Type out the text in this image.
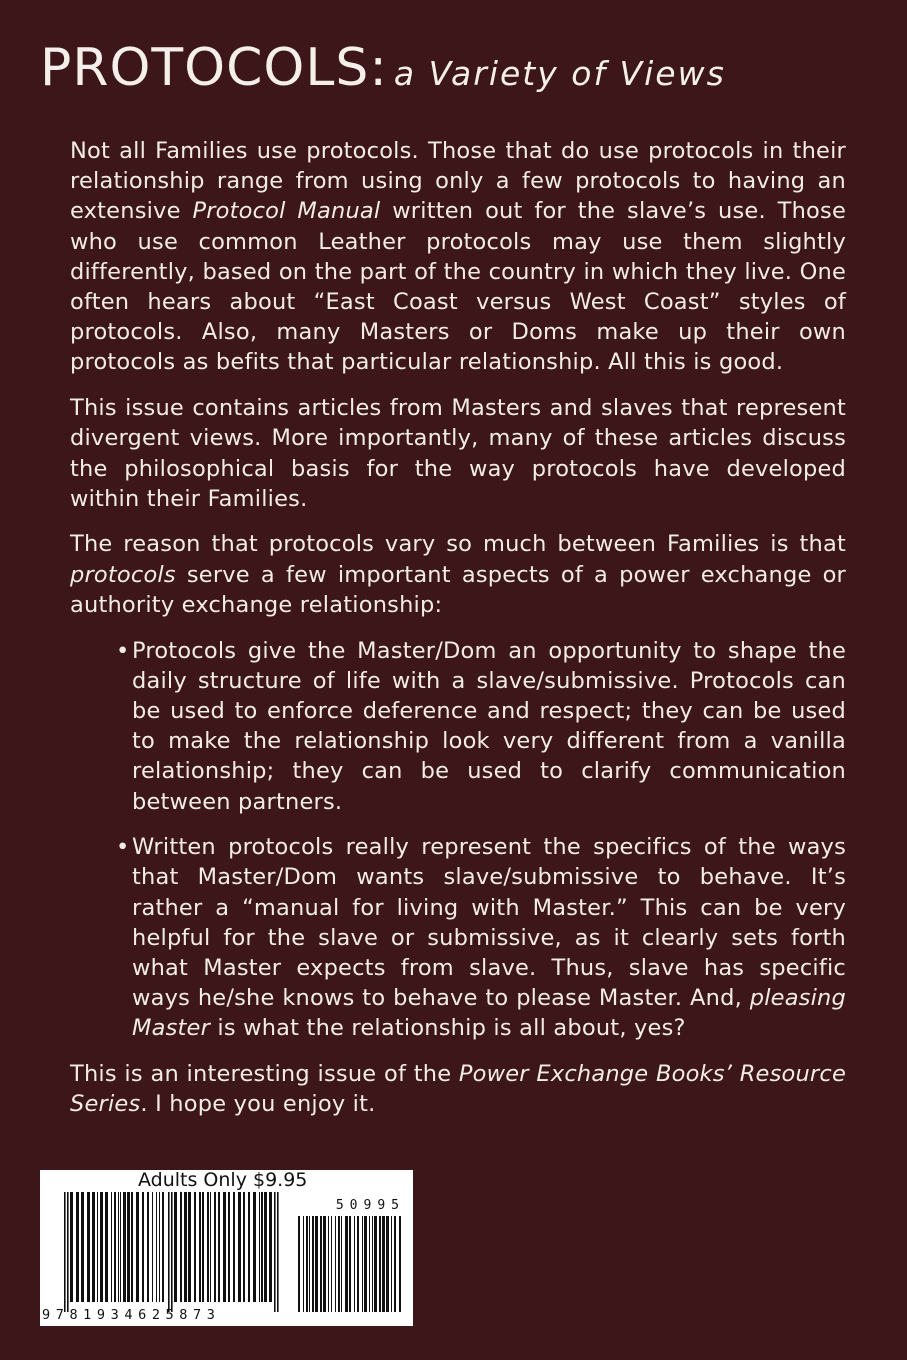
PROTOCOLS: a Variety of Views

Not all Families use protocols. Those that do use protocols in their relationship range from using only a few protocols to having an extensive Protocol Manual written out for the slave’s use. Those who use common Leather protocols may use them slightly differently, based on the part of the country in which they live. One often hears about “East Coast versus West Coast” styles of protocols. Also, many Masters or Doms make up their own protocols as befits that particular relationship. All this is good.

This issue contains articles from Masters and slaves that represent divergent views. More importantly, many of these articles discuss the philosophical basis for the way protocols have developed within their Families.

The reason that protocols vary so much between Families is that protocols serve a few important aspects of a power exchange or authority exchange relationship:

• Protocols give the Master/Dom an opportunity to shape the daily structure of life with a slave/submissive. Protocols can be used to enforce deference and respect; they can be used to make the relationship look very different from a vanilla relationship; they can be used to clarify communication between partners.
• Written protocols really represent the specifics of the ways that Master/Dom wants slave/submissive to behave. It’s rather a “manual for living with Master.” This can be very helpful for the slave or submissive, as it clearly sets forth what Master expects from slave. Thus, slave has specific ways he/she knows to behave to please Master. And, pleasing Master is what the relationship is all about, yes?

This is an interesting issue of the Power Exchange Books’ Resource Series. I hope you enjoy it.

Adults Only $9.95
50995
9781934625873
